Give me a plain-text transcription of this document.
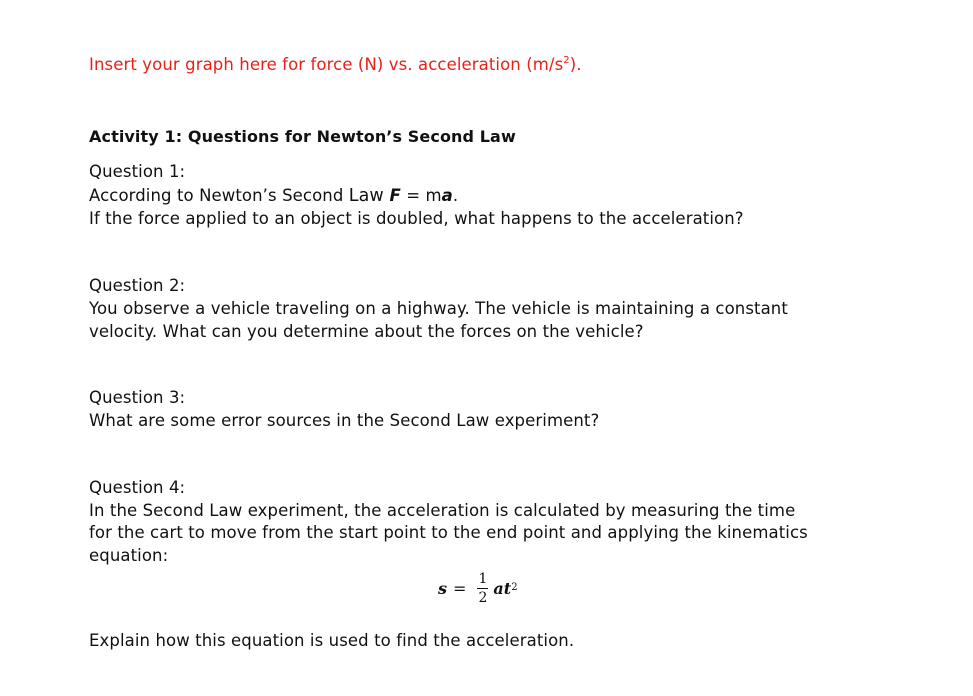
Insert your graph here for force (N) vs. acceleration $(m/s^2)$.
Activity 1: Questions for Newton’s Second Law
Question 1:
According to Newton’s Second Law F = ma.
If the force applied to an object is doubled, what happens to the acceleration?
Question 2:
You observe a vehicle traveling on a highway. The vehicle is maintaining a constant
velocity. What can you determine about the forces on the vehicle?
Question 3:
What are some error sources in the Second Law experiment?
Question 4:
In the Second Law experiment, the acceleration is calculated by measuring the time
for the cart to move from the start point to the end point and applying the kinematics
equation:
$s = \frac{1}{2}$ at 2
Explain how this equation is used to find the acceleration.
